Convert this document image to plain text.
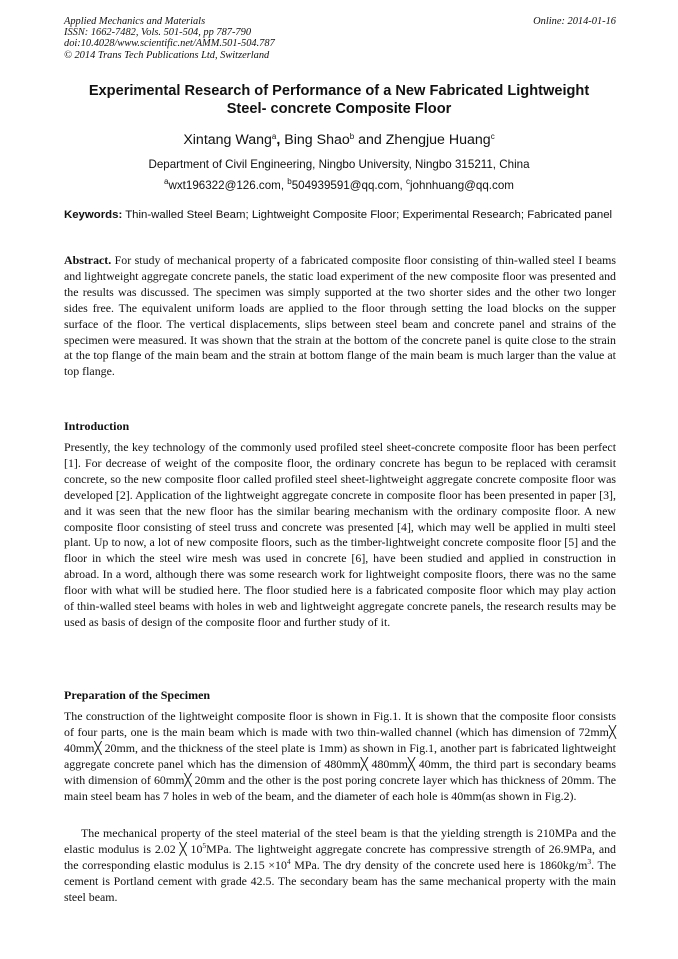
Applied Mechanics and Materials
ISSN: 1662-7482, Vols. 501-504, pp 787-790
doi:10.4028/www.scientific.net/AMM.501-504.787
© 2014 Trans Tech Publications Ltd, Switzerland
Online: 2014-01-16
Experimental Research of Performance of a New Fabricated Lightweight
Steel- concrete Composite Floor
Xintang Wang$^a$, Bing Shao$^b$ and Zhengjue Huang$^c$
Department of Civil Engineering, Ningbo University, Ningbo 315211, China
$^a$wxt196322@126.com, $^b$504939591@qq.com, $^c$johnhuang@qq.com
Keywords: Thin-walled Steel Beam; Lightweight Composite Floor; Experimental Research; Fabricated panel
Abstract. For study of mechanical property of a fabricated composite floor consisting of thin-walled steel I beams and lightweight aggregate concrete panels, the static load experiment of the new composite floor was presented and the results was discussed. The specimen was simply supported at the two shorter sides and the other two longer sides free. The equivalent uniform loads are applied to the floor through setting the load blocks on the supper surface of the floor. The vertical displacements, slips between steel beam and concrete panel and strains of the specimen were measured. It was shown that the strain at the bottom of the concrete panel is quite close to the strain at the top flange of the main beam and the strain at bottom flange of the main beam is much larger than the value at top flange.
Introduction
Presently, the key technology of the commonly used profiled steel sheet-concrete composite floor has been perfect [1]. For decrease of weight of the composite floor, the ordinary concrete has begun to be replaced with ceramsit concrete, so the new composite floor called profiled steel sheet-lightweight aggregate concrete composite floor was developed [2]. Application of the lightweight aggregate concrete in composite floor has been presented in paper [3], and it was seen that the new floor has the similar bearing mechanism with the ordinary composite floor. A new composite floor consisting of steel truss and concrete was presented [4], which may well be applied in multi steel plant. Up to now, a lot of new composite floors, such as the timber-lightweight concrete composite floor [5] and the floor in which the steel wire mesh was used in concrete [6], have been studied and applied in construction in abroad. In a word, although there was some research work for lightweight composite floors, there was no the same floor with what will be studied here. The floor studied here is a fabricated composite floor which may play action of thin-walled steel beams with holes in web and lightweight aggregate concrete panels, the research results may be used as basis of design of the composite floor and further study of it.
Preparation of the Specimen
The construction of the lightweight composite floor is shown in Fig.1. It is shown that the composite floor consists of four parts, one is the main beam which is made with two thin-walled channel (which has dimension of 72mm╳ 40mm╳ 20mm, and the thickness of the steel plate is 1mm) as shown in Fig.1, another part is fabricated lightweight aggregate concrete panel which has the dimension of 480mm╳ 480mm╳ 40mm, the third part is secondary beams with dimension of 60mm╳ 20mm and the other is the post poring concrete layer which has thickness of 20mm. The main steel beam has 7 holes in web of the beam, and the diameter of each hole is 40mm(as shown in Fig.2).
The mechanical property of the steel material of the steel beam is that the yielding strength is 210MPa and the elastic modulus is 2.02 ╳ $10^5MPa$. The lightweight aggregate concrete has compressive strength of 26.9MPa, and the corresponding elastic modulus is $2.15 \times 10^4$ MPa. The dry density of the concrete used here is $1860kg/m^3$. The cement is Portland cement with grade 42.5. The secondary beam has the same mechanical property with the main steel beam.
